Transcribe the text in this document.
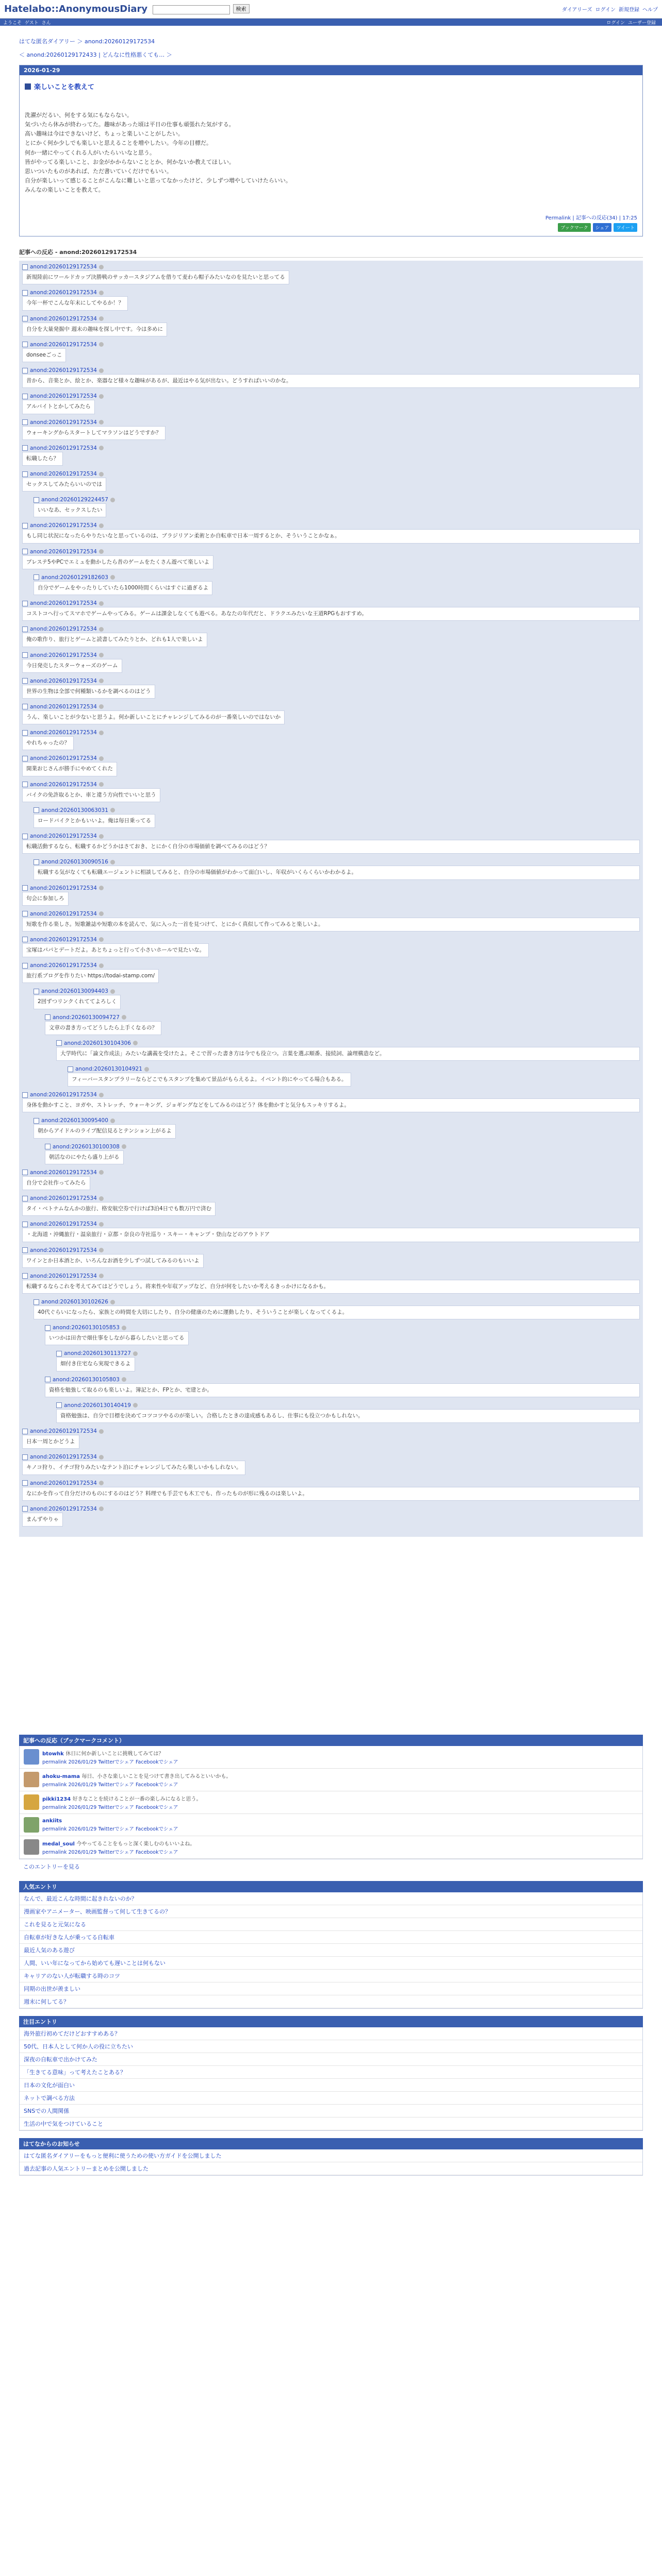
Hatelabo::AnonymousDiary	検索	ダイアリーズ ログイン 新規登録 ヘルプ
ようこそ ゲスト さん	ログイン ユーザー登録
はてな匿名ダイアリー ＞ anond:20260129172534
＜ anond:20260129172433 | どんなに性格悪くても… ＞
2026-01-29
楽しいことを教えて
洗濯がだるい、何をする気にもならない。
気づいたら休みが終わってた。趣味があった頃は平日の仕事も頑張れた気がする。
高い趣味は今はできないけど、ちょっと楽しいことがしたい。
とにかく何か少しでも楽しいと思えることを増やしたい。今年の目標だ。
何か一緒にやってくれる人がいたらいいなと思う。
皆がやってる楽しいこと、お金がかからないこととか、何かないか教えてほしい。
思いついたものがあれば、ただ書いていくだけでもいい。
自分が楽しいって感じることがこんなに難しいと思ってなかったけど、少しずつ増やしていけたらいい。
みんなの楽しいことを教えて。
Permalink | 記事への反応(34) | 17:25
ブックマーク	シェア	ツイート
記事への反応 - anond:20260129172534
anond:20260129172534
新規陸前にワールドカップ決勝戦のサッカースタジアムを借りて麦わら帽子みたいなのを見たいと思ってる
anond:20260129172534
今年一杯でこんな年末にしてやるか！？
anond:20260129172534
自分を大量発掘中 週末の趣味を探し中です。今は多めに
anond:20260129172534
donseeごっこ
anond:20260129172534
昔から、音楽とか、絵とか、楽器など様々な趣味があるが、最近はやる気が出ない。どうすればいいのかな。
anond:20260129172534
アルバイトとかしてみたら
anond:20260129172534
ウォーキングからスタートしてマラソンはどうですか？
anond:20260129172534
転職したら？
anond:20260129172534
セックスしてみたらいいのでは
anond:20260129224457
いいなあ、セックスしたい
anond:20260129172534
もし同じ状況になったらやりたいなと思っているのは、ブラジリアン柔術とか自転車で日本一周するとか、そういうことかなぁ。
anond:20260129172534
プレステ5やPCでエミュを動かしたら昔のゲームをたくさん遊べて楽しいよ
anond:20260129182603
自分でゲームをやったりしていたら1000時間くらいはすぐに過ぎるよ
anond:20260129172534
コストコへ行ってスマホでゲームやってみる。ゲームは課金しなくても遊べる。あなたの年代だと、ドラクエみたいな王道RPGもおすすめ。
anond:20260129172534
俺の歌作り、旅行とゲームと読書してみたりとか、どれも1人で楽しいよ
anond:20260129172534
今日発売したスターウォーズのゲーム
anond:20260129172534
世界の生物は全部で何種類いるかを調べるのはどう
anond:20260129172534
うん、楽しいことが少ないと思うよ。何か新しいことにチャレンジしてみるのが一番楽しいのではないか
anond:20260129172534
やれちゃったの？
anond:20260129172534
開業おじさんが勝手にやめてくれた
anond:20260129172534
バイクの免許取るとか、車と違う方向性でいいと思う
anond:20260130063031
ロードバイクとかもいいよ。俺は毎日乗ってる
anond:20260129172534
転職活動するなら、転職するかどうかはさておき、とにかく自分の市場価値を調べてみるのはどう？
anond:20260130090516
転職する気がなくても転職エージェントに相談してみると、自分の市場価値がわかって面白いし、年収がいくらくらいかわかるよ。
anond:20260129172534
句会に参加しろ
anond:20260129172534
短歌を作る楽しさ。短歌雑誌や短歌の本を読んで、気に入った一首を見つけて、とにかく真似して作ってみると楽しいよ。
anond:20260129172534
宝塚はパパとデートだよ。あとちょっと行って小さいホールで見たいな。
anond:20260129172534
旅行系ブログを作りたい https://todai-stamp.com/
anond:20260130094403
2回ずつリンクくれててよろしく
anond:20260130094727
文章の書き方ってどうしたら上手くなるの？
anond:20260130104306
大学時代に「論文作成法」みたいな講義を受けたよ。そこで習った書き方は今でも役立つ。言葉を選ぶ順番、接続詞、論理構造など。
anond:20260130104921
フィーバースタンプラリーならどこでもスタンプを集めて景品がもらえるよ。イベント的にやってる場合もある。
anond:20260129172534
身体を動かすこと、ヨガや、ストレッチ、ウォーキング、ジョギングなどをしてみるのはどう？体を動かすと気分もスッキリするよ。
anond:20260130095400
朝からアイドルのライブ配信見るとテンション上がるよ
anond:20260130100308
朝活なのにやたら盛り上がる
anond:20260129172534
自分で会社作ってみたら
anond:20260129172534
タイ・ベトナムなんかの旅行、格安航空券で行けば3泊4日でも数万円で済む
anond:20260129172534
・北海道・沖縄旅行・温泉旅行・京都・奈良の寺社巡り・スキー・キャンプ・登山などのアウトドア
anond:20260129172534
ワインとか日本酒とか、いろんなお酒を少しずつ試してみるのもいいよ
anond:20260129172534
転職するならこれを考えてみてはどうでしょう。将来性や年収アップなど、自分が何をしたいか考えるきっかけになるかも。
anond:20260130102626
40代ぐらいになったら、家族との時間を大切にしたり、自分の健康のために運動したり、そういうことが楽しくなってくるよ。
anond:20260130105853
いつかは田舎で畑仕事をしながら暮らしたいと思ってる
anond:20260130113727
畑付き住宅なら実現できるよ
anond:20260130105803
資格を勉強して取るのも楽しいよ。簿記とか、FPとか、宅建とか。
anond:20260130140419
資格勉強は、自分で目標を決めてコツコツやるのが楽しい。合格したときの達成感もあるし、仕事にも役立つかもしれない。
anond:20260129172534
日本一周とかどうよ
anond:20260129172534
キノコ狩り、イチゴ狩りみたいなテント泊にチャレンジしてみたら楽しいかもしれない。
anond:20260129172534
なにかを作って自分だけのものにするのはどう？料理でも手芸でも木工でも、作ったものが形に残るのは楽しいよ。
anond:20260129172534
まんずやりゃ
記事への反応（ブックマークコメント）
btowhk 休日に何か新しいことに挑戦してみては？
permalink 2026/01/29 Twitterでシェア Facebookでシェア
ahoku-mama 毎日、小さな楽しいことを見つけて書き出してみるといいかも。
permalink 2026/01/29 Twitterでシェア Facebookでシェア
pikki1234 好きなことを続けることが一番の楽しみになると思う。
permalink 2026/01/29 Twitterでシェア Facebookでシェア
ankiits
permalink 2026/01/29 Twitterでシェア Facebookでシェア
medal_soul 今やってることをもっと深く楽しむのもいいよね。
permalink 2026/01/29 Twitterでシェア Facebookでシェア
このエントリーを見る
人気エントリ
なんで、最近こんな時間に起きれないのか？
漫画家やアニメーター、映画監督って何して生きてるの？
これを見ると元気になる
自転車が好きな人が乗ってる自転車
最近人気のある遊び
人間、いい年になってから始めても遅いことは何もない
キャリアのない人が転職する時のコツ
同期の出世が羨ましい
週末に何してる？
注目エントリ
海外旅行初めてだけどおすすめある？
50代、日本人として何か人の役に立ちたい
深夜の自転車で出かけてみた
「生きてる意味」って考えたことある？
日本の文化が面白い
ネットで調べる方法
SNSでの人間関係
生活の中で気をつけていること
はてなからのお知らせ
はてな匿名ダイアリーをもっと便利に使うための使い方ガイドを公開しました
過去記事の人気エントリーまとめを公開しました
